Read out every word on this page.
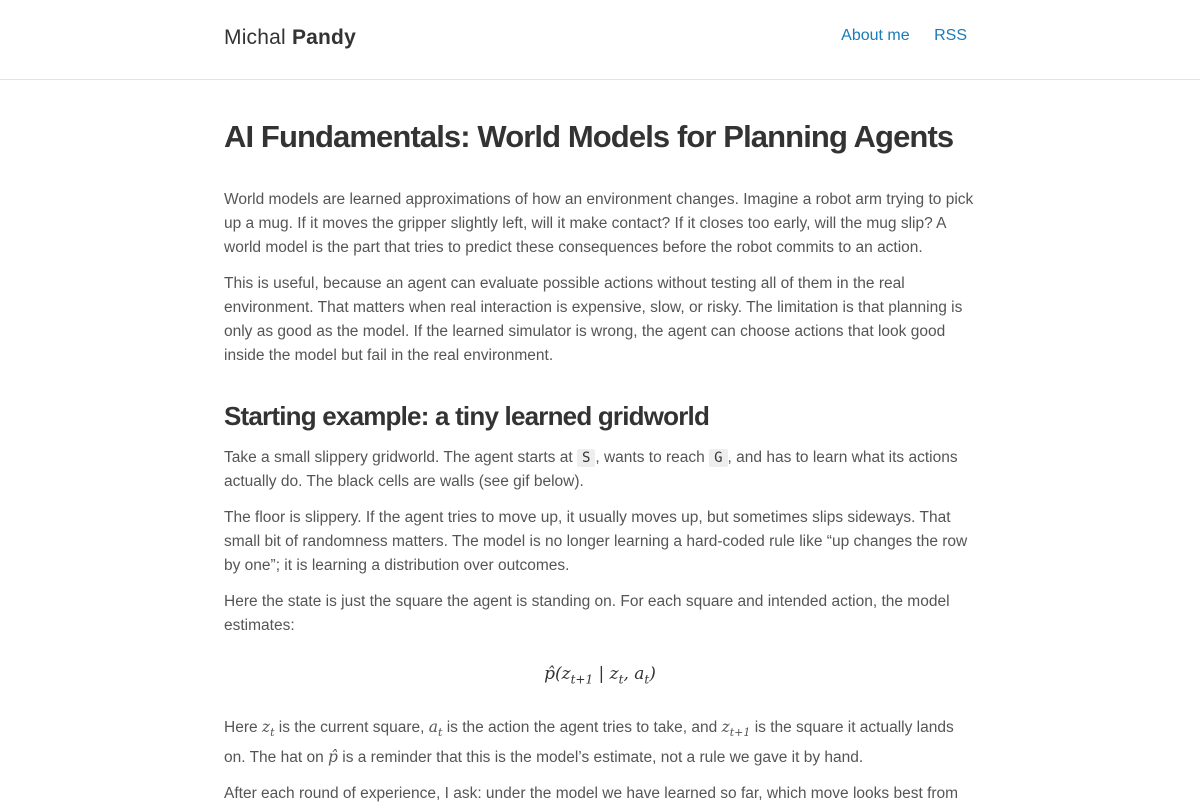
Michal Pandy	About me RSS
AI Fundamentals: World Models for Planning Agents

World models are learned approximations of how an environment changes. Imagine a robot arm trying to pick up a mug. If it moves the gripper slightly left, will it make contact? If it closes too early, will the mug slip? A world model is the part that tries to predict these consequences before the robot commits to an action.

This is useful, because an agent can evaluate possible actions without testing all of them in the real environment. That matters when real interaction is expensive, slow, or risky. The limitation is that planning is only as good as the model. If the learned simulator is wrong, the agent can choose actions that look good inside the model but fail in the real environment.

Starting example: a tiny learned gridworld

Take a small slippery gridworld. The agent starts at S , wants to reach G , and has to learn what its actions actually do. The black cells are walls (see gif below).

The floor is slippery. If the agent tries to move up, it usually moves up, but sometimes slips sideways. That small bit of randomness matters. The model is no longer learning a hard-coded rule like “up changes the row by one”; it is learning a distribution over outcomes.

Here the state is just the square the agent is standing on. For each square and intended action, the model estimates:

$p̂(z_{t+1}$ | $z_t$, $a_t$)

Here $z_t$ is the current square, $a_t$ is the action the agent tries to take, and $z_{t+1}$ is the square it actually lands on. The hat on p̂ is a reminder that this is the model’s estimate, not a rule we gave it by hand.

After each round of experience, I ask: under the model we have learned so far, which move looks best from
